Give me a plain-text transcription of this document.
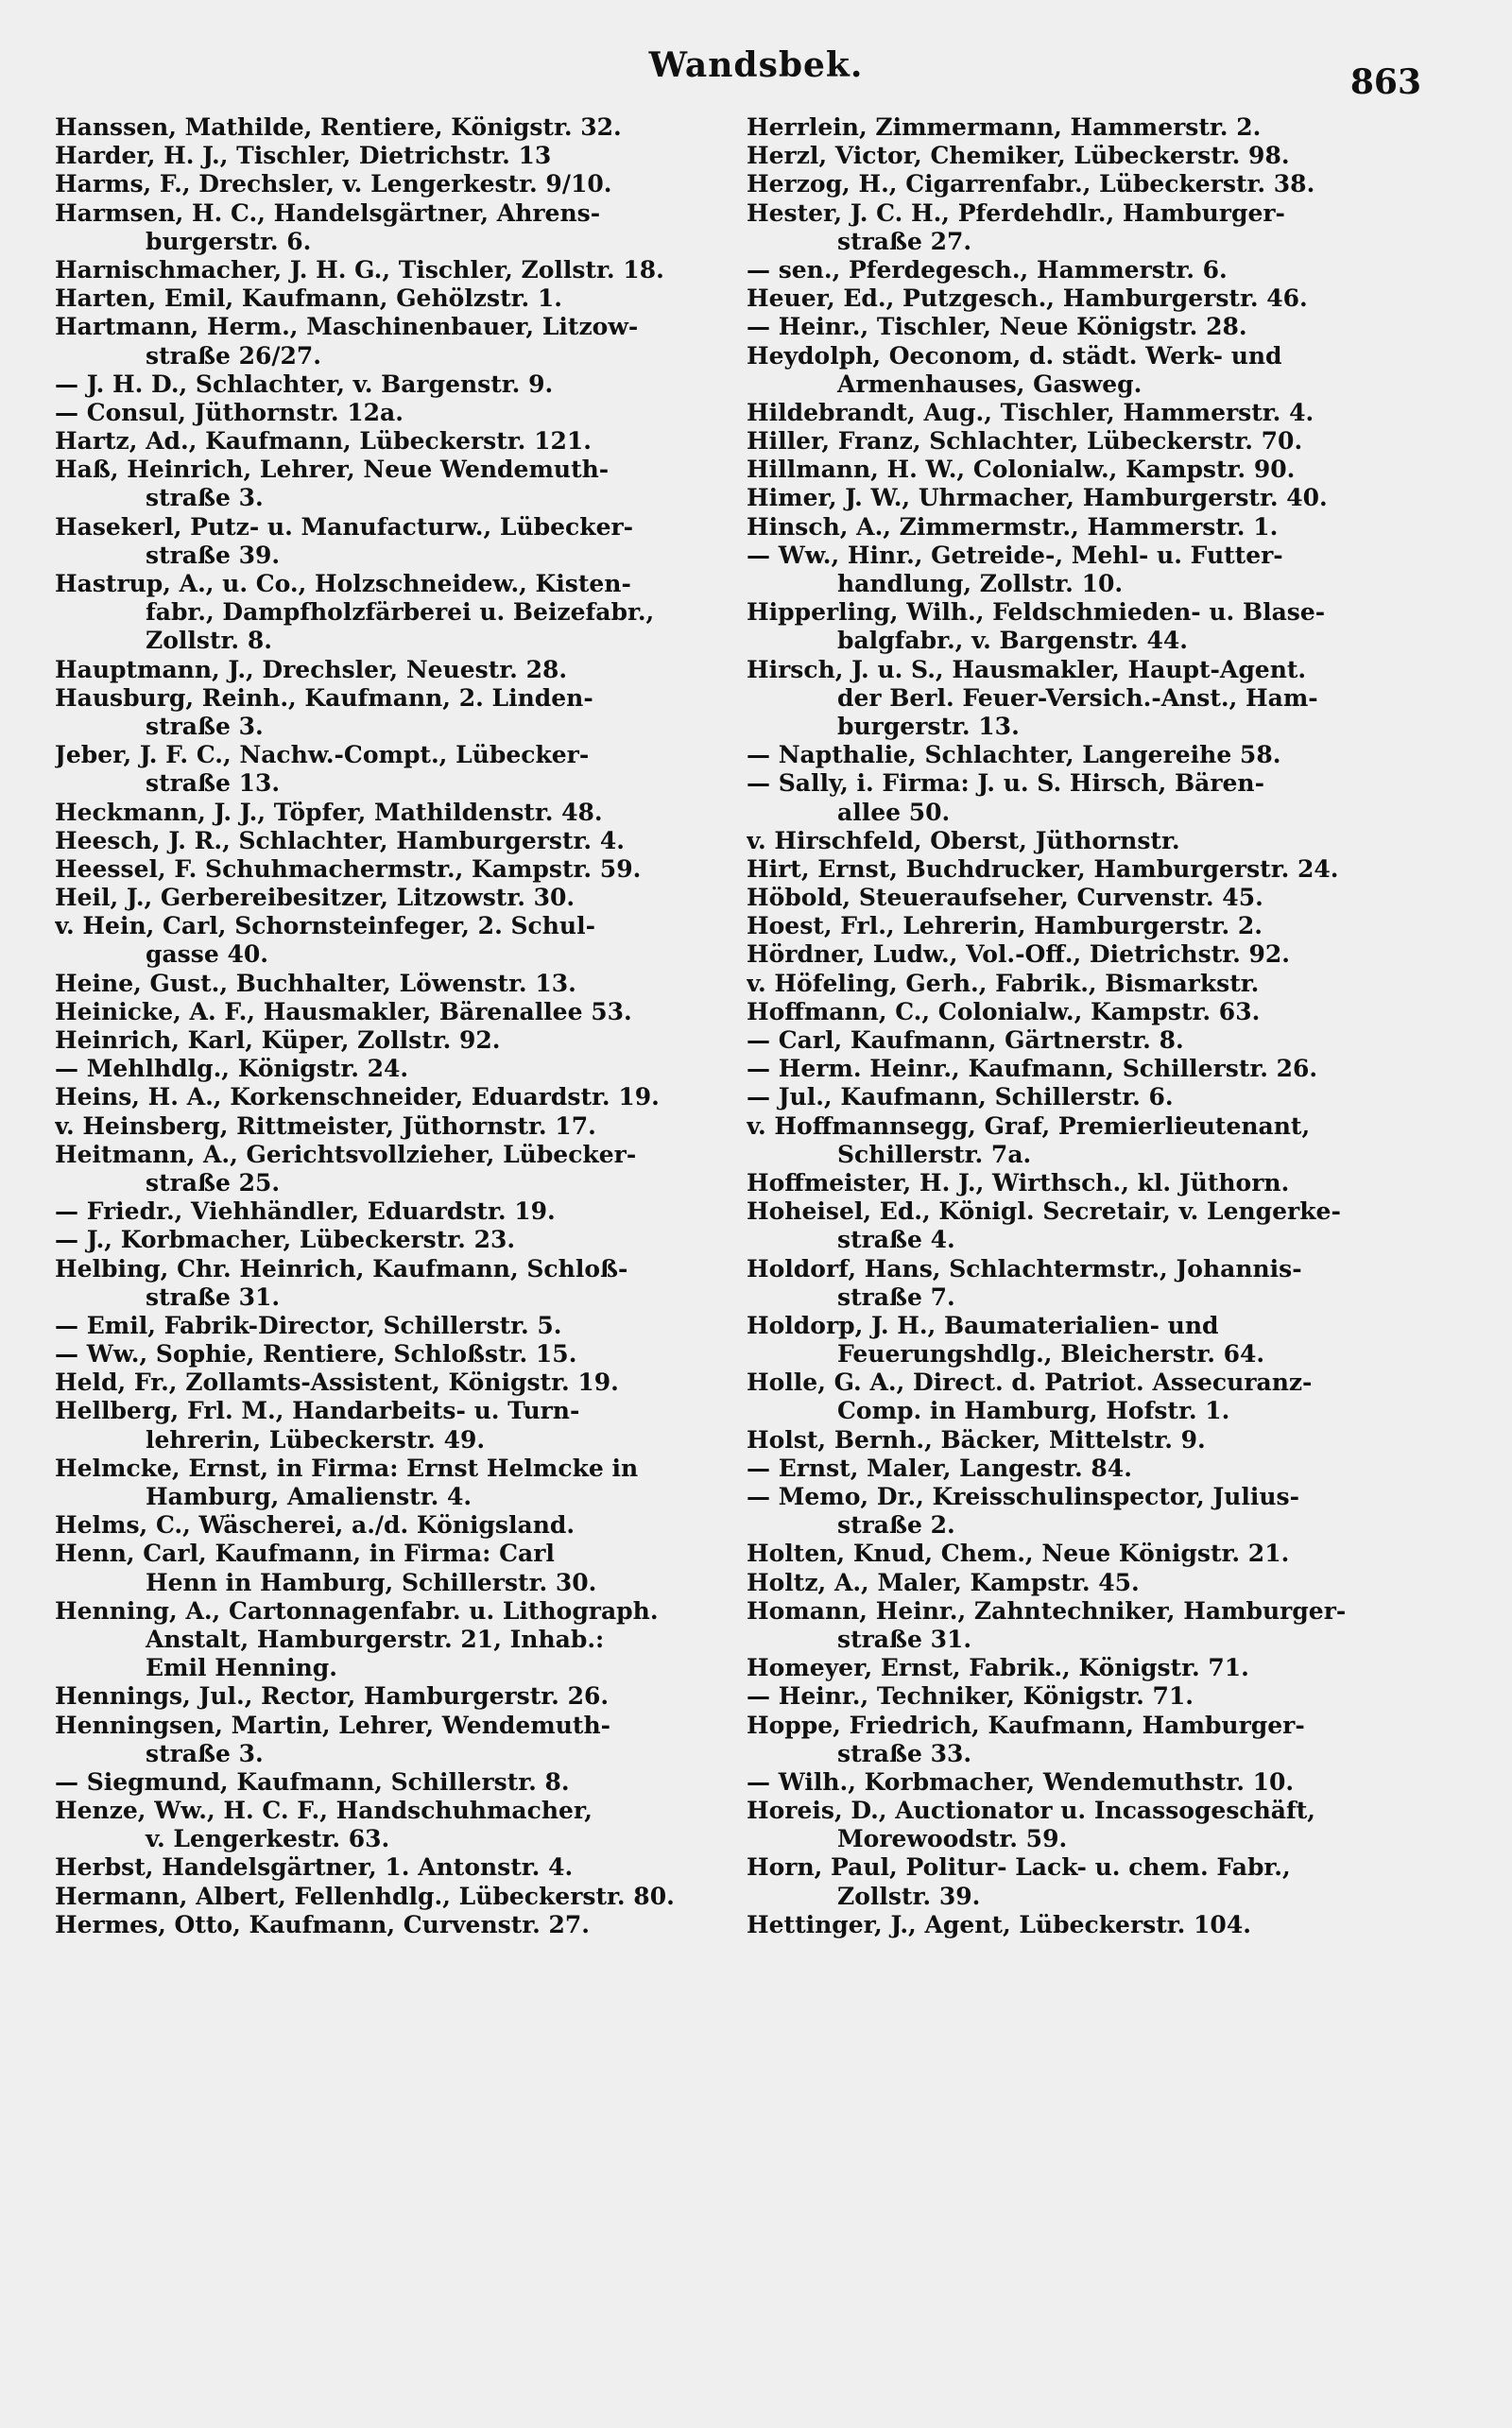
Wandsbek.	863
Hanssen, Mathilde, Rentiere, Königstr. 32.
Harder, H. J., Tischler, Dietrichstr. 13
Harms, F., Drechsler, v. Lengerkestr. 9/10.
Harmsen, H. C., Handelsgärtner, Ahrens-
burgerstr. 6.
Harnischmacher, J. H. G., Tischler, Zollstr. 18.
Harten, Emil, Kaufmann, Gehölzstr. 1.
Hartmann, Herm., Maschinenbauer, Litzow-
straße 26/27.
— J. H. D., Schlachter, v. Bargenstr. 9.
— Consul, Jüthornstr. 12a.
Hartz, Ad., Kaufmann, Lübeckerstr. 121.
Haß, Heinrich, Lehrer, Neue Wendemuth-
straße 3.
Hasekerl, Putz- u. Manufacturw., Lübecker-
straße 39.
Hastrup, A., u. Co., Holzschneidew., Kisten-
fabr., Dampfholzfärberei u. Beizefabr.,
Zollstr. 8.
Hauptmann, J., Drechsler, Neuestr. 28.
Hausburg, Reinh., Kaufmann, 2. Linden-
straße 3.
Jeber, J. F. C., Nachw.-Compt., Lübecker-
straße 13.
Heckmann, J. J., Töpfer, Mathildenstr. 48.
Heesch, J. R., Schlachter, Hamburgerstr. 4.
Heessel, F. Schuhmachermstr., Kampstr. 59.
Heil, J., Gerbereibesitzer, Litzowstr. 30.
v. Hein, Carl, Schornsteinfeger, 2. Schul-
gasse 40.
Heine, Gust., Buchhalter, Löwenstr. 13.
Heinicke, A. F., Hausmakler, Bärenallee 53.
Heinrich, Karl, Küper, Zollstr. 92.
— Mehlhdlg., Königstr. 24.
Heins, H. A., Korkenschneider, Eduardstr. 19.
v. Heinsberg, Rittmeister, Jüthornstr. 17.
Heitmann, A., Gerichtsvollzieher, Lübecker-
straße 25.
— Friedr., Viehhändler, Eduardstr. 19.
— J., Korbmacher, Lübeckerstr. 23.
Helbing, Chr. Heinrich, Kaufmann, Schloß-
straße 31.
— Emil, Fabrik-Director, Schillerstr. 5.
— Ww., Sophie, Rentiere, Schloßstr. 15.
Held, Fr., Zollamts-Assistent, Königstr. 19.
Hellberg, Frl. M., Handarbeits- u. Turn-
lehrerin, Lübeckerstr. 49.
Helmcke, Ernst, in Firma: Ernst Helmcke in
Hamburg, Amalienstr. 4.
Helms, C., Wäscherei, a./d. Königsland.
Henn, Carl, Kaufmann, in Firma: Carl
Henn in Hamburg, Schillerstr. 30.
Henning, A., Cartonnagenfabr. u. Lithograph.
Anstalt, Hamburgerstr. 21, Inhab.:
Emil Henning.
Hennings, Jul., Rector, Hamburgerstr. 26.
Henningsen, Martin, Lehrer, Wendemuth-
straße 3.
— Siegmund, Kaufmann, Schillerstr. 8.
Henze, Ww., H. C. F., Handschuhmacher,
v. Lengerkestr. 63.
Herbst, Handelsgärtner, 1. Antonstr. 4.
Hermann, Albert, Fellenhdlg., Lübeckerstr. 80.
Hermes, Otto, Kaufmann, Curvenstr. 27.
Herrlein, Zimmermann, Hammerstr. 2.
Herzl, Victor, Chemiker, Lübeckerstr. 98.
Herzog, H., Cigarrenfabr., Lübeckerstr. 38.
Hester, J. C. H., Pferdehdlr., Hamburger-
straße 27.
— sen., Pferdegesch., Hammerstr. 6.
Heuer, Ed., Putzgesch., Hamburgerstr. 46.
— Heinr., Tischler, Neue Königstr. 28.
Heydolph, Oeconom, d. städt. Werk- und
Armenhauses, Gasweg.
Hildebrandt, Aug., Tischler, Hammerstr. 4.
Hiller, Franz, Schlachter, Lübeckerstr. 70.
Hillmann, H. W., Colonialw., Kampstr. 90.
Himer, J. W., Uhrmacher, Hamburgerstr. 40.
Hinsch, A., Zimmermstr., Hammerstr. 1.
— Ww., Hinr., Getreide-, Mehl- u. Futter-
handlung, Zollstr. 10.
Hipperling, Wilh., Feldschmieden- u. Blase-
balgfabr., v. Bargenstr. 44.
Hirsch, J. u. S., Hausmakler, Haupt-Agent.
der Berl. Feuer-Versich.-Anst., Ham-
burgerstr. 13.
— Napthalie, Schlachter, Langereihe 58.
— Sally, i. Firma: J. u. S. Hirsch, Bären-
allee 50.
v. Hirschfeld, Oberst, Jüthornstr.
Hirt, Ernst, Buchdrucker, Hamburgerstr. 24.
Höbold, Steueraufseher, Curvenstr. 45.
Hoest, Frl., Lehrerin, Hamburgerstr. 2.
Hördner, Ludw., Vol.-Off., Dietrichstr. 92.
v. Höfeling, Gerh., Fabrik., Bismarkstr.
Hoffmann, C., Colonialw., Kampstr. 63.
— Carl, Kaufmann, Gärtnerstr. 8.
— Herm. Heinr., Kaufmann, Schillerstr. 26.
— Jul., Kaufmann, Schillerstr. 6.
v. Hoffmannsegg, Graf, Premierlieutenant,
Schillerstr. 7a.
Hoffmeister, H. J., Wirthsch., kl. Jüthorn.
Hoheisel, Ed., Königl. Secretair, v. Lengerke-
straße 4.
Holdorf, Hans, Schlachtermstr., Johannis-
straße 7.
Holdorp, J. H., Baumaterialien- und
Feuerungshdlg., Bleicherstr. 64.
Holle, G. A., Direct. d. Patriot. Assecuranz-
Comp. in Hamburg, Hofstr. 1.
Holst, Bernh., Bäcker, Mittelstr. 9.
— Ernst, Maler, Langestr. 84.
— Memo, Dr., Kreisschulinspector, Julius-
straße 2.
Holten, Knud, Chem., Neue Königstr. 21.
Holtz, A., Maler, Kampstr. 45.
Homann, Heinr., Zahntechniker, Hamburger-
straße 31.
Homeyer, Ernst, Fabrik., Königstr. 71.
— Heinr., Techniker, Königstr. 71.
Hoppe, Friedrich, Kaufmann, Hamburger-
straße 33.
— Wilh., Korbmacher, Wendemuthstr. 10.
Horeis, D., Auctionator u. Incassogeschäft,
Morewoodstr. 59.
Horn, Paul, Politur- Lack- u. chem. Fabr.,
Zollstr. 39.
Hettinger, J., Agent, Lübeckerstr. 104.
